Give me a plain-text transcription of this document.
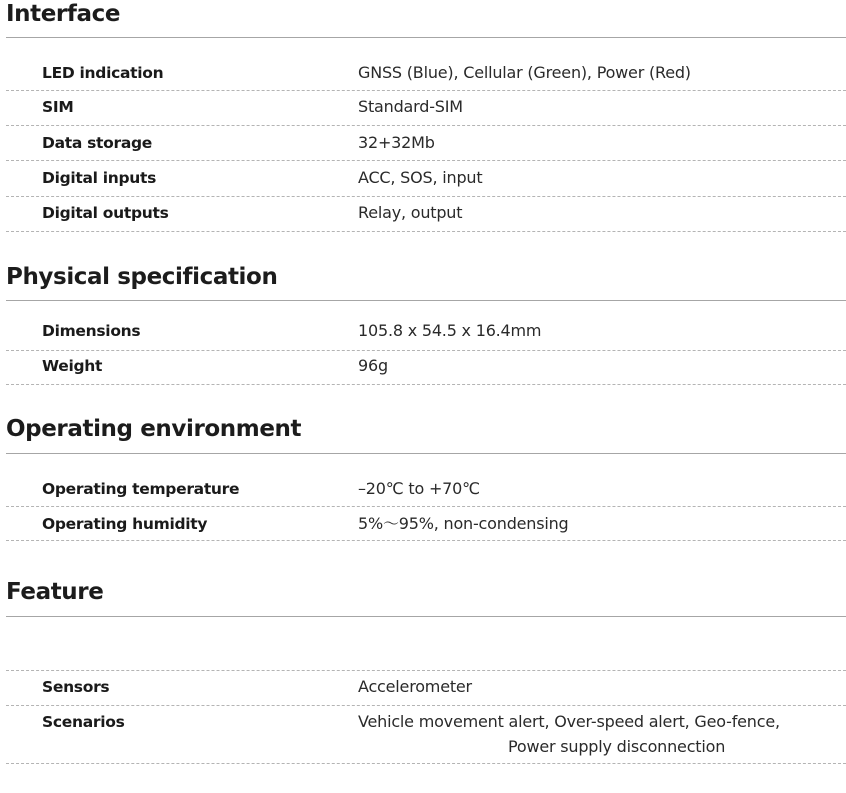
Interface
LED indication	GNSS (Blue), Cellular (Green), Power (Red)
SIM	Standard-SIM
Data storage	32+32Mb
Digital inputs	ACC, SOS, input
Digital outputs	Relay, output
Physical specification
Dimensions	105.8 x 54.5 x 16.4mm
Weight	96g
Operating environment
Operating temperature	–20℃ to +70℃
Operating humidity	5%～95%, non-condensing
Feature
Sensors	Accelerometer
Scenarios	Vehicle movement alert, Over-speed alert, Geo-fence,
Power supply disconnection
